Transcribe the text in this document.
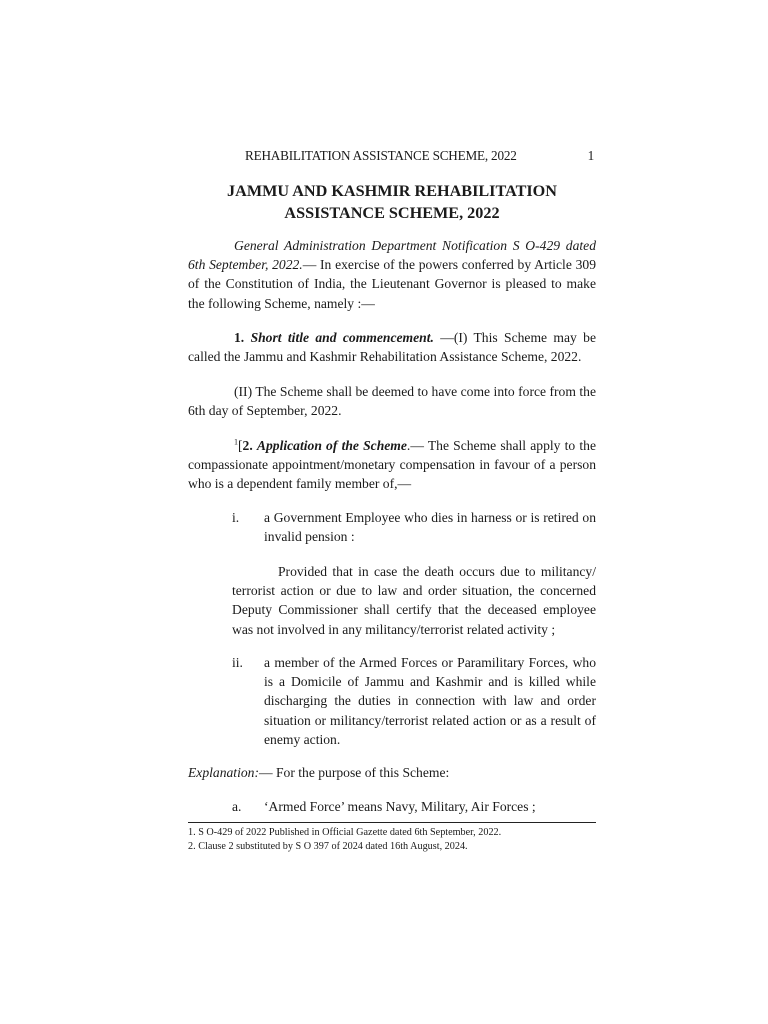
REHABILITATION ASSISTANCE SCHEME, 2022	1
JAMMU AND KASHMIR REHABILITATION
ASSISTANCE SCHEME, 2022

General Administration Department Notification S O-429 dated 6th September, 2022.— In exercise of the powers conferred by Article 309 of the Constitution of India, the Lieutenant Governor is pleased to make the following Scheme, namely :—

1. Short title and commencement. —(I) This Scheme may be called the Jammu and Kashmir Rehabilitation Assistance Scheme, 2022.

(II) The Scheme shall be deemed to have come into force from the 6th day of September, 2022.

$^1$[2. Application of the Scheme.— The Scheme shall apply to the compassionate appointment/monetary compensation in favour of a person who is a dependent family member of,—

i. a Government Employee who dies in harness or is retired on invalid pension :

Provided that in case the death occurs due to militancy/ terrorist action or due to law and order situation, the concerned Deputy Commissioner shall certify that the deceased employee was not involved in any militancy/terrorist related activity ;

ii. a member of the Armed Forces or Paramilitary Forces, who is a Domicile of Jammu and Kashmir and is killed while discharging the duties in connection with law and order situation or militancy/terrorist related action or as a result of enemy action.

Explanation:— For the purpose of this Scheme:

a. ‘Armed Force’ means Navy, Military, Air Forces ;
1. S O-429 of 2022 Published in Official Gazette dated 6th September, 2022.
2. Clause 2 substituted by S O 397 of 2024 dated 16th August, 2024.
